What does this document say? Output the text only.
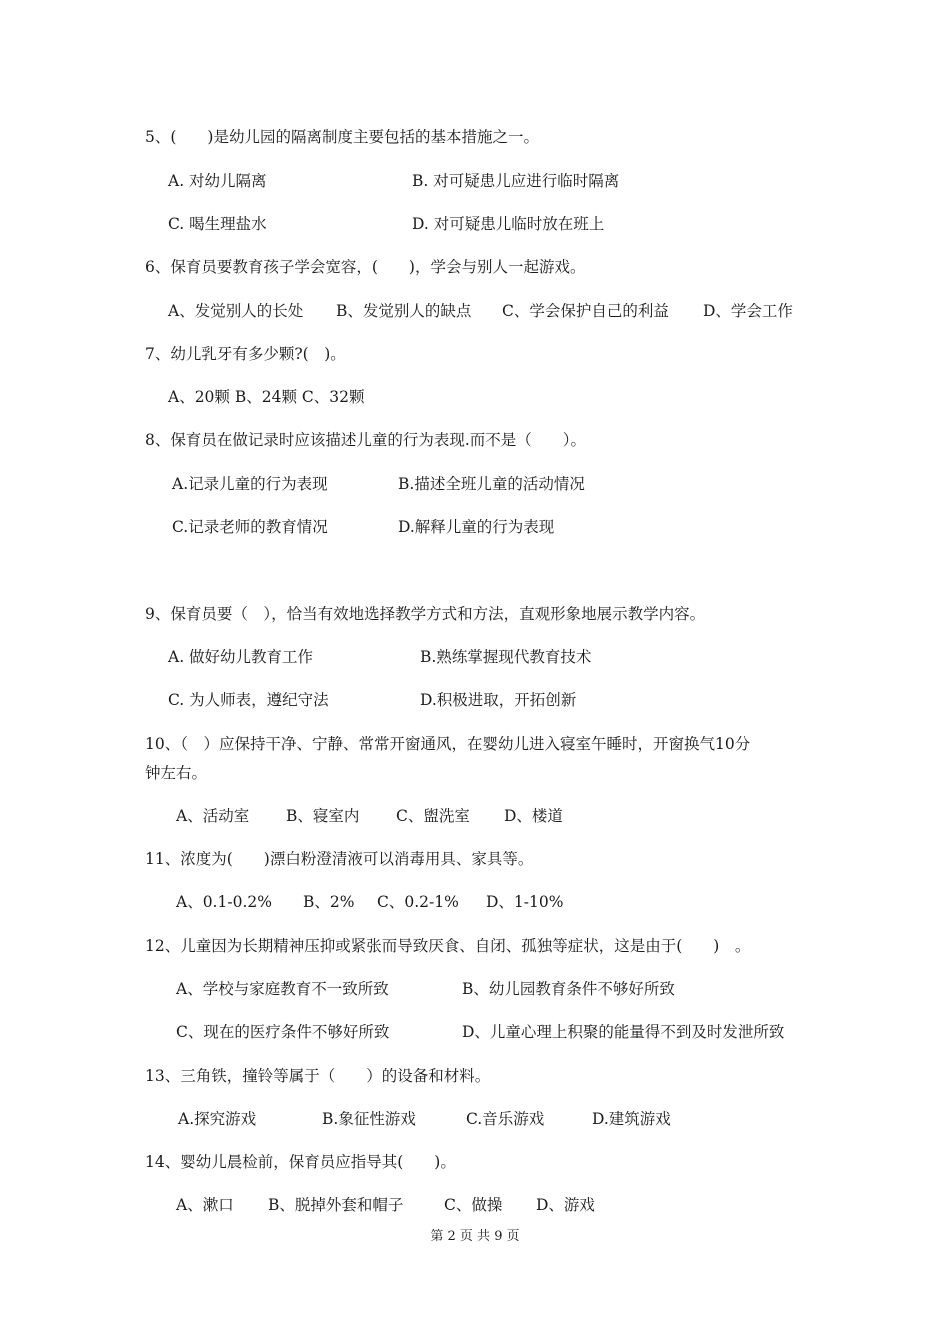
5、(　　)是幼儿园的隔离制度主要包括的基本措施之一。
A. 对幼儿隔离	B. 对可疑患儿应进行临时隔离
C. 喝生理盐水	D. 对可疑患儿临时放在班上
6、保育员要教育孩子学会宽容，(　　)，学会与别人一起游戏。
A、发觉别人的长处 B、发觉别人的缺点 C、学会保护自己的利益 D、学会工作
7、幼儿乳牙有多少颗?(　)。
A、20颗 B、24颗 C、32颗
8、保育员在做记录时应该描述儿童的行为表现.而不是（　　）。
A.记录儿童的行为表现	B.描述全班儿童的活动情况
C.记录老师的教育情况	D.解释儿童的行为表现
9、保育员要（　），恰当有效地选择教学方式和方法，直观形象地展示教学内容。
A. 做好幼儿教育工作	B.熟练掌握现代教育技术
C. 为人师表，遵纪守法	D.积极进取，开拓创新
10、（　）应保持干净、宁静、常常开窗通风，在婴幼儿进入寝室午睡时，开窗换气10分
钟左右。
A、活动室 B、寝室内 C、盥洗室 D、楼道
11、浓度为(　　)漂白粉澄清液可以消毒用具、家具等。
A、0.1-0.2% B、2% C、0.2-1% D、1-10%
12、儿童因为长期精神压抑或紧张而导致厌食、自闭、孤独等症状，这是由于(　　)　。
A、学校与家庭教育不一致所致	B、幼儿园教育条件不够好所致
C、现在的医疗条件不够好所致	D、儿童心理上积聚的能量得不到及时发泄所致
13、三角铁，撞铃等属于（　　）的设备和材料。
A.探究游戏	B.象征性游戏	C.音乐游戏	D.建筑游戏
14、婴幼儿晨检前，保育员应指导其(　　)。
A、漱口 B、脱掉外套和帽子	C、做操 D、游戏
第 2 页 共 9 页
